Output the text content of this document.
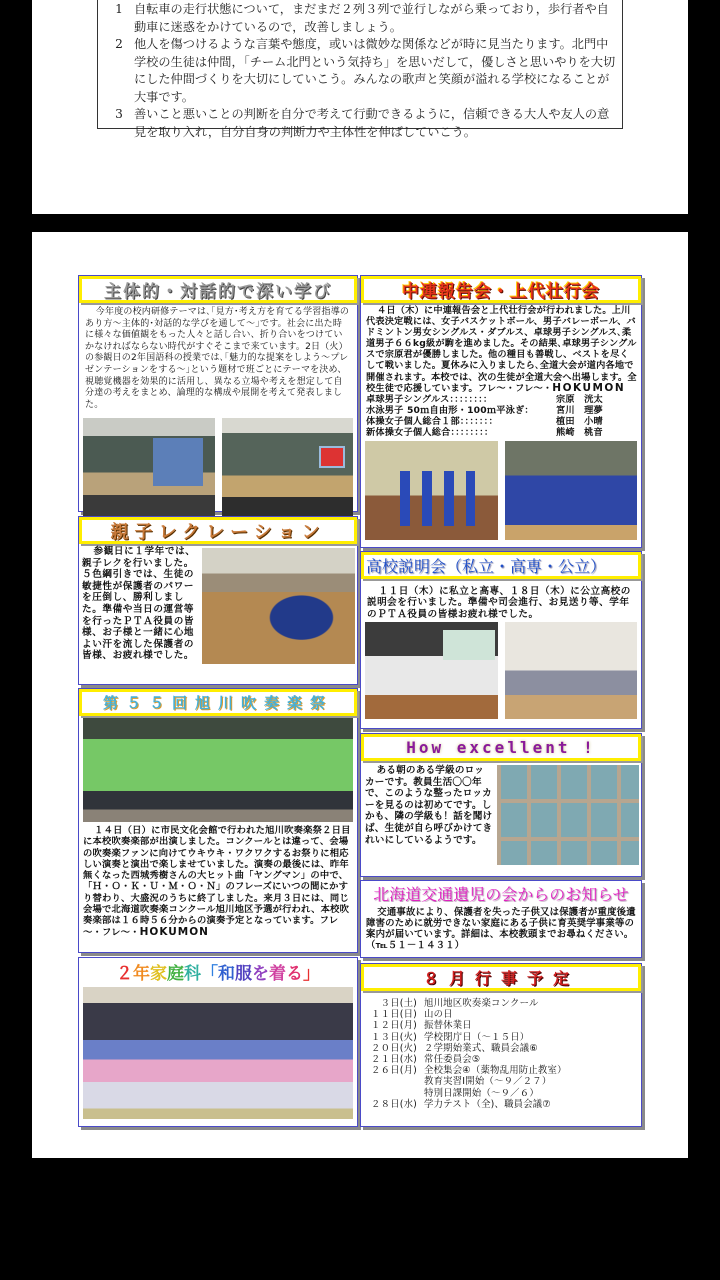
1 自転車の走行状態について，まだまだ２列３列で並行しながら乗っており，歩行者や自動車に迷惑をかけているので，改善しましょう。
2 他人を傷つけるような言葉や態度，或いは微妙な関係などが時に見当たります。北門中学校の生徒は仲間，「チーム北門という気持ち」を思いだして，優しさと思いやりを大切にした仲間づくりを大切にしていこう。みんなの歌声と笑顔が溢れる学校になることが大事です。
3 善いこと悪いことの判断を自分で考えて行動できるように，信頼できる大人や友人の意見を取り入れ，自分自身の判断力や主体性を伸ばしていこう。
主体的・対話的で深い学び

今年度の校内研修テーマは､｢見方･考え方を育てる学習指導のあり方～主体的･対話的な学びを通して～｣です。社会に出た時に様々な価値観をもった人々と話し合い、折り合いをつけていかなければならない時代がすぐそこまで来ています。2日（火）の参観日の2年国語科の授業では､｢魅力的な提案をしよう～プレゼンテーションをする～｣という題材で班ごとにテーマを決め、視聴覚機器を効果的に活用し、異なる立場や考えを想定して自分達の考えをまとめ、論理的な構成や展開を考えて発表しました。

親子レクレーション

参観日に１学年では、親子レクを行いました。５色綱引きでは、生徒の敏捷性が保護者のパワーを圧倒し、勝利しました。準備や当日の運営等を行ったＰＴＡ役員の皆様、お子様と一緒に心地よい汗を流した保護者の皆様、お疲れ様でした。

第５５回旭川吹奏楽祭

１４日（日）に市民文化会館で行われた旭川吹奏楽祭２日目に本校吹奏楽部が出演しました。コンクールとは違って、会場の吹奏楽ファンに向けてウキウキ・ワクワクするお祭りに相応しい演奏と演出で楽しませていました。演奏の最後には、昨年無くなった西城秀樹さんの大ヒット曲「ヤングマン」の中で、「Ｈ・Ｏ・Ｋ・Ｕ・Ｍ・Ｏ・Ｎ」のフレーズにいつの間にかすり替わり、大盛況のうちに終了しました。来月３日には、同じ会場で北海道吹奏楽コンクール旭川地区予選が行われ、本校吹奏楽部は１６時５６分からの演奏予定となっています。フレ～・フレ～・HOKUMON

２ 年 家 庭 科 「 和 服 を 着 る 」
中連報告会・上代壮行会

４日（木）に中連報告会と上代壮行会が行われました。上川代表決定戦には、女子バスケットボール、男子バレーボール、バドミントン男女シングルス・ダブルス、卓球男子シングルス､柔道男子６６kg級が駒を進めました。その結果､卓球男子シングルスで宗原君が優勝しました。他の種目も善戦し、ベストを尽くして戦いました。夏休みに入りましたら､全道大会が道内各地で開催されます。本校では、次の生徒が全道大会へ出場します。全校生徒で応援しています。フレ～・フレ～・HOKUMON

卓球男子シングルス：：：：：：：：	宗原　洸太
水泳男子 50ｍ自由形・100ｍ平泳ぎ：	宮川　理夢
体操女子個人総合１部：：：：：：：	植田　小晴
新体操女子個人総合：：：：：：：：	熊崎　桃音
高校説明会（私立・高専・公立）

１１日（木）に私立と高専、１８日（木）に公立高校の説明会を行いました。準備や司会進行、お見送り等、学年のＰＴＡ役員の皆様お疲れ様でした。

How excellent !

ある朝のある学級のロッカーです。教員生活〇〇年で、このような整ったロッカーを見るのは初めてです。しかも、隣の学級も！話を聞けば、生徒が自ら呼びかけてきれいにしているようです。

北海道交通遺児の会からのお知らせ

交通事故により、保護者を失った子供又は保護者が重度後遺障害のために就労できない家庭にある子供に育英奨学事業等の案内が届いています。詳細は、本校教頭までお尋ねください。　（℡５１－１４３１）

８月行事予定
　３日(土) 旭川地区吹奏楽コンクール
１１日(日) 山の日
１２日(月) 振替休業日
１３日(火) 学校閉庁日（～１５日）
２０日(火) ２学期始業式、職員会議⑥
２１日(水) 常任委員会⑤
２６日(月) 全校集会④（薬物乱用防止教室）
教育実習Ⅰ開始（～９／２７）
特別日課開始（～９／６）
２８日(水) 学力テスト（全)、職員会議⑦
